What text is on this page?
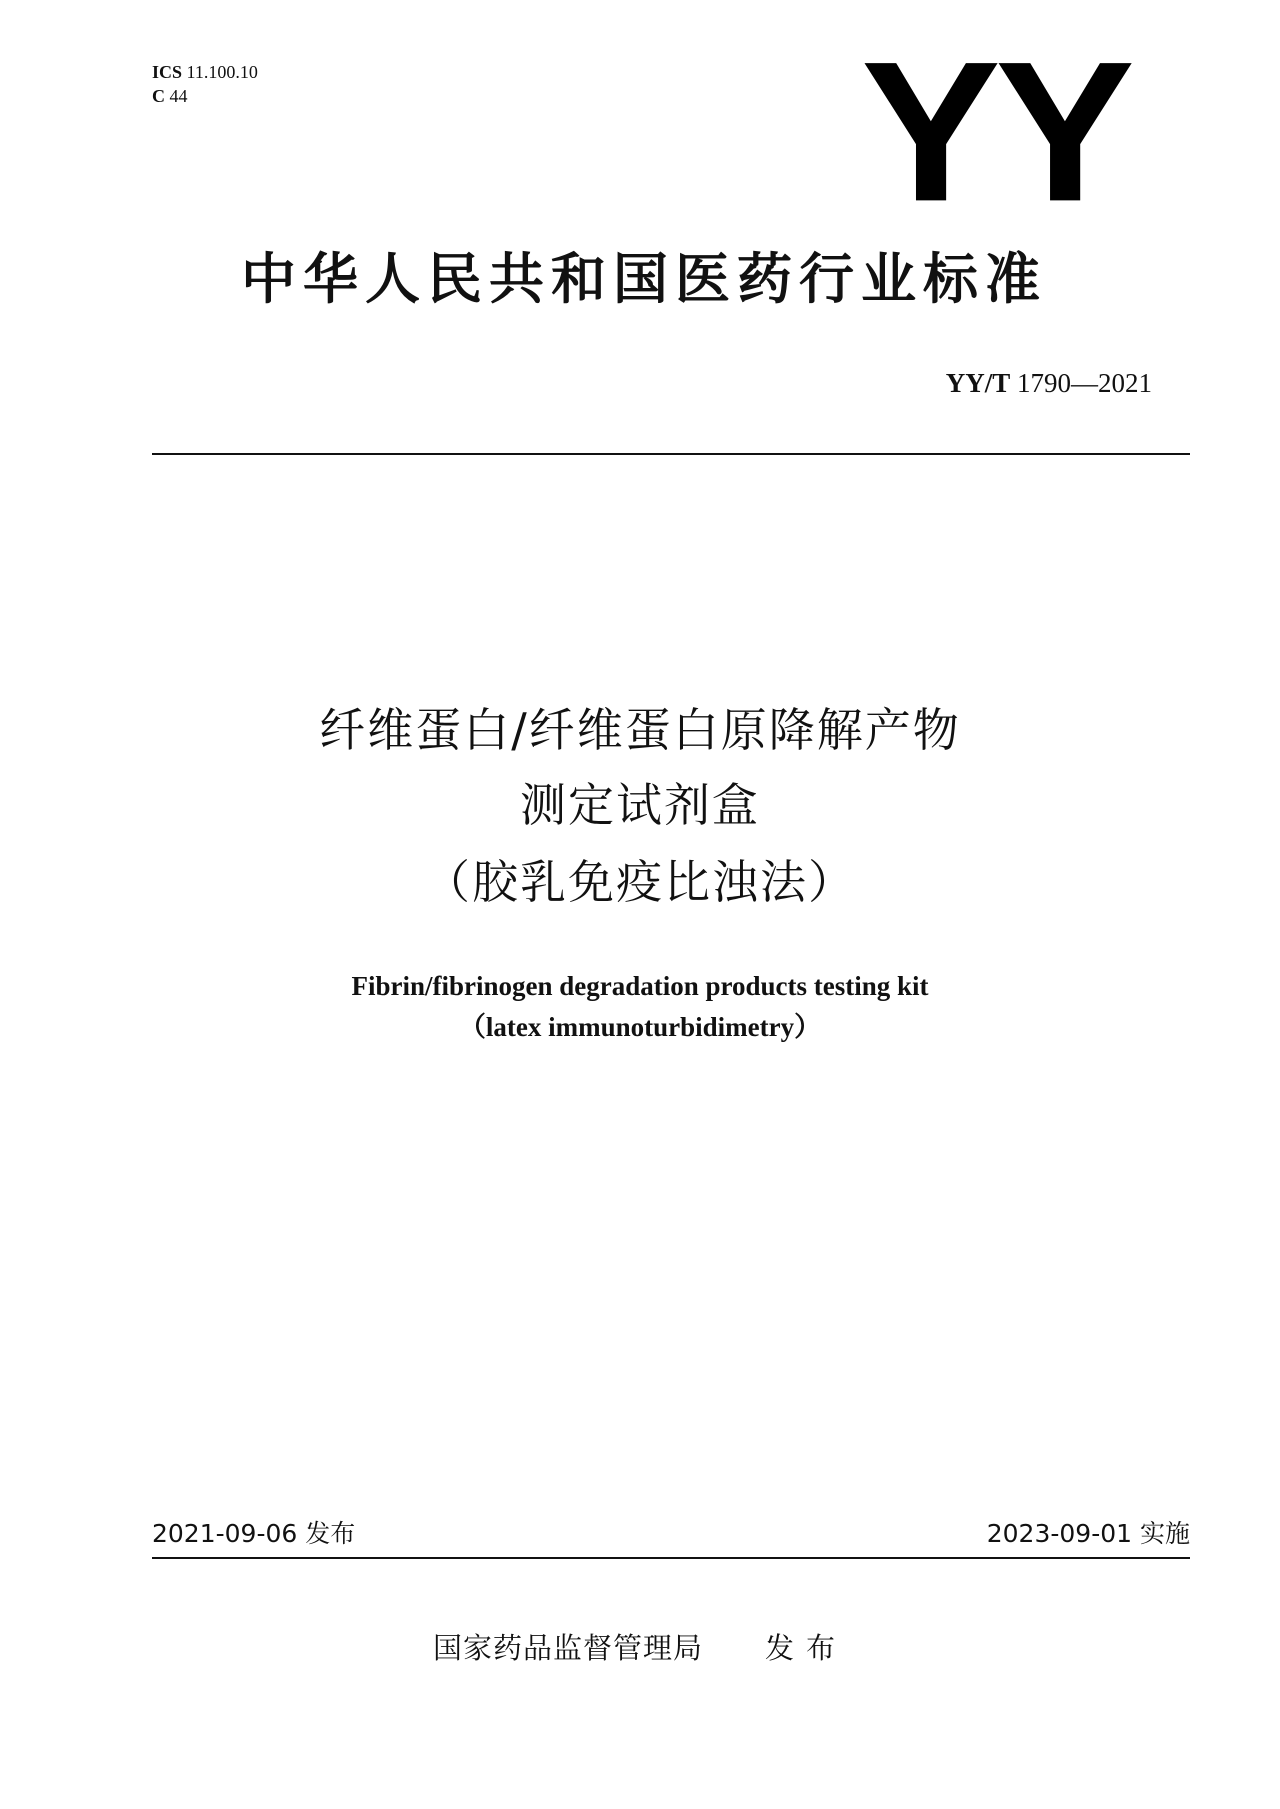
ICS 11.100.10
C 44	YY
中华人民共和国医药行业标准
YY/T 1790—2021
纤维蛋白/纤维蛋白原降解产物
测定试剂盒
（胶乳免疫比浊法）
Fibrin/fibrinogen degradation products testing kit
（latex immunoturbidimetry）
2021-09-06 发布	2023-09-01 实施
国家药品监督管理局 发布
